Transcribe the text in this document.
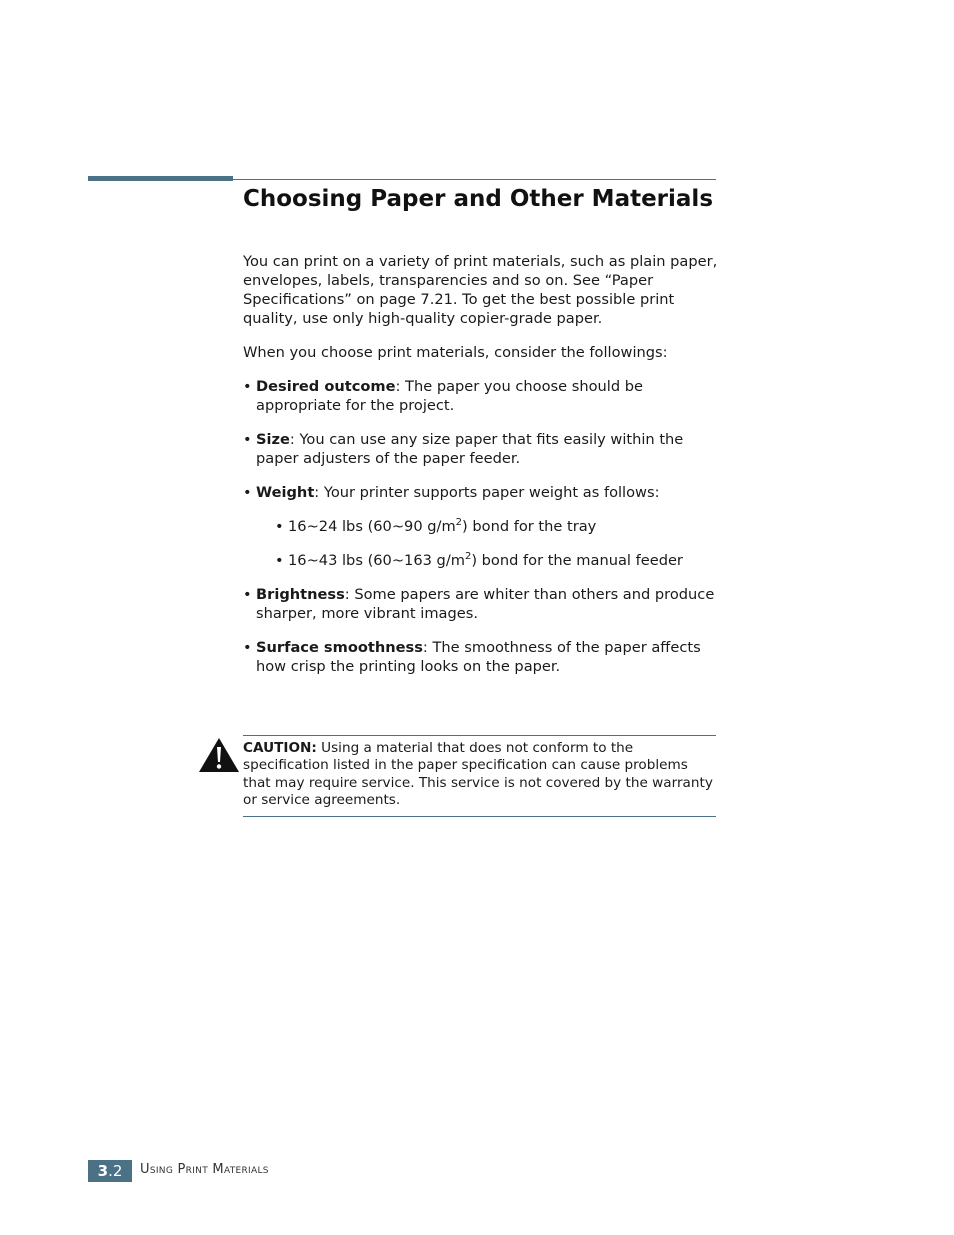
Choosing Paper and Other Materials

You can print on a variety of print materials, such as plain paper, envelopes, labels, transparencies and so on. See “Paper Specifications” on page 7.21. To get the best possible print quality, use only high-quality copier-grade paper.

When you choose print materials, consider the followings:

• Desired outcome: The paper you choose should be appropriate for the project.
• Size: You can use any size paper that fits easily within the paper adjusters of the paper feeder.
• Weight: Your printer supports paper weight as follows:
• 16~24 lbs (60~90 $g/m^2$) bond for the tray
• 16~43 lbs (60~163 $g/m^2$) bond for the manual feeder
• Brightness: Some papers are whiter than others and produce sharper, more vibrant images.
• Surface smoothness: The smoothness of the paper affects how crisp the printing looks on the paper.
CAUTION: Using a material that does not conform to the specification listed in the paper specification can cause problems that may require service. This service is not covered by the warranty or service agreements.
3.2	Using Print Materials
